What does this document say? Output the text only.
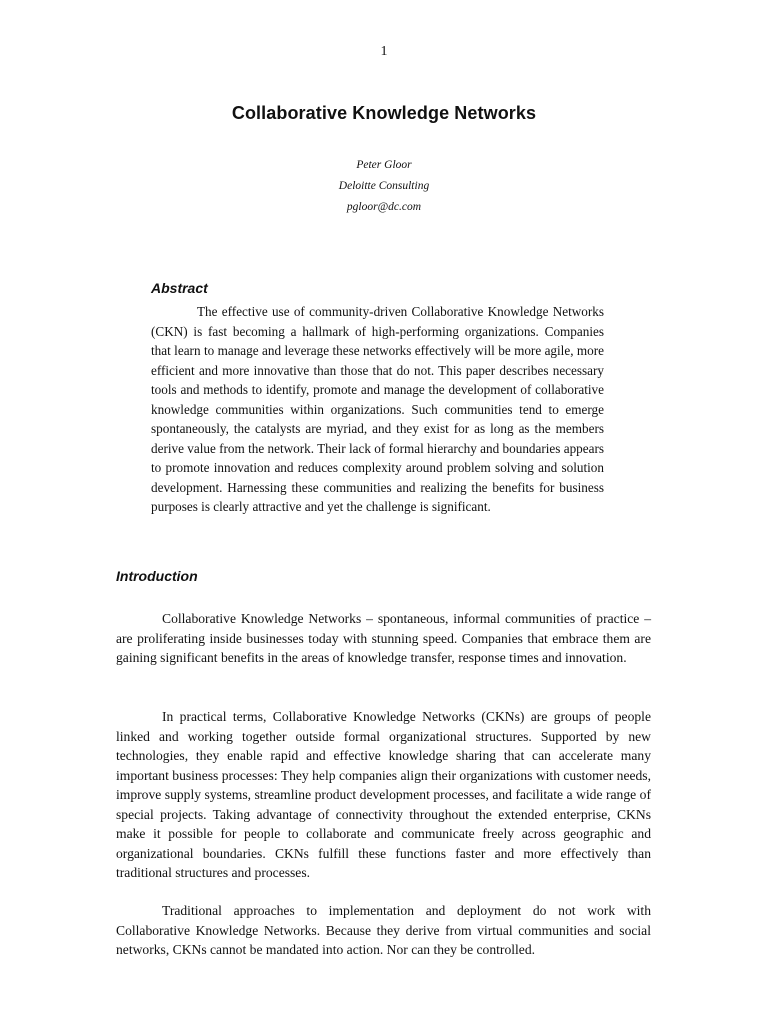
1
Collaborative Knowledge Networks
Peter Gloor
Deloitte Consulting
pgloor@dc.com
Abstract

The effective use of community-driven Collaborative Knowledge Networks (CKN) is fast becoming a hallmark of high-performing organizations. Companies that learn to manage and leverage these networks effectively will be more agile, more efficient and more innovative than those that do not. This paper describes necessary tools and methods to identify, promote and manage the development of collaborative knowledge communities within organizations. Such communities tend to emerge spontaneously, the catalysts are myriad, and they exist for as long as the members derive value from the network. Their lack of formal hierarchy and boundaries appears to promote innovation and reduces complexity around problem solving and solution development. Harnessing these communities and realizing the benefits for business purposes is clearly attractive and yet the challenge is significant.

Introduction

Collaborative Knowledge Networks – spontaneous, informal communities of practice – are proliferating inside businesses today with stunning speed. Companies that embrace them are gaining significant benefits in the areas of knowledge transfer, response times and innovation.

In practical terms, Collaborative Knowledge Networks (CKNs) are groups of people linked and working together outside formal organizational structures. Supported by new technologies, they enable rapid and effective knowledge sharing that can accelerate many important business processes: They help companies align their organizations with customer needs, improve supply systems, streamline product development processes, and facilitate a wide range of special projects. Taking advantage of connectivity throughout the extended enterprise, CKNs make it possible for people to collaborate and communicate freely across geographic and organizational boundaries. CKNs fulfill these functions faster and more effectively than traditional structures and processes.

Traditional approaches to implementation and deployment do not work with Collaborative Knowledge Networks. Because they derive from virtual communities and social networks, CKNs cannot be mandated into action. Nor can they be controlled.
